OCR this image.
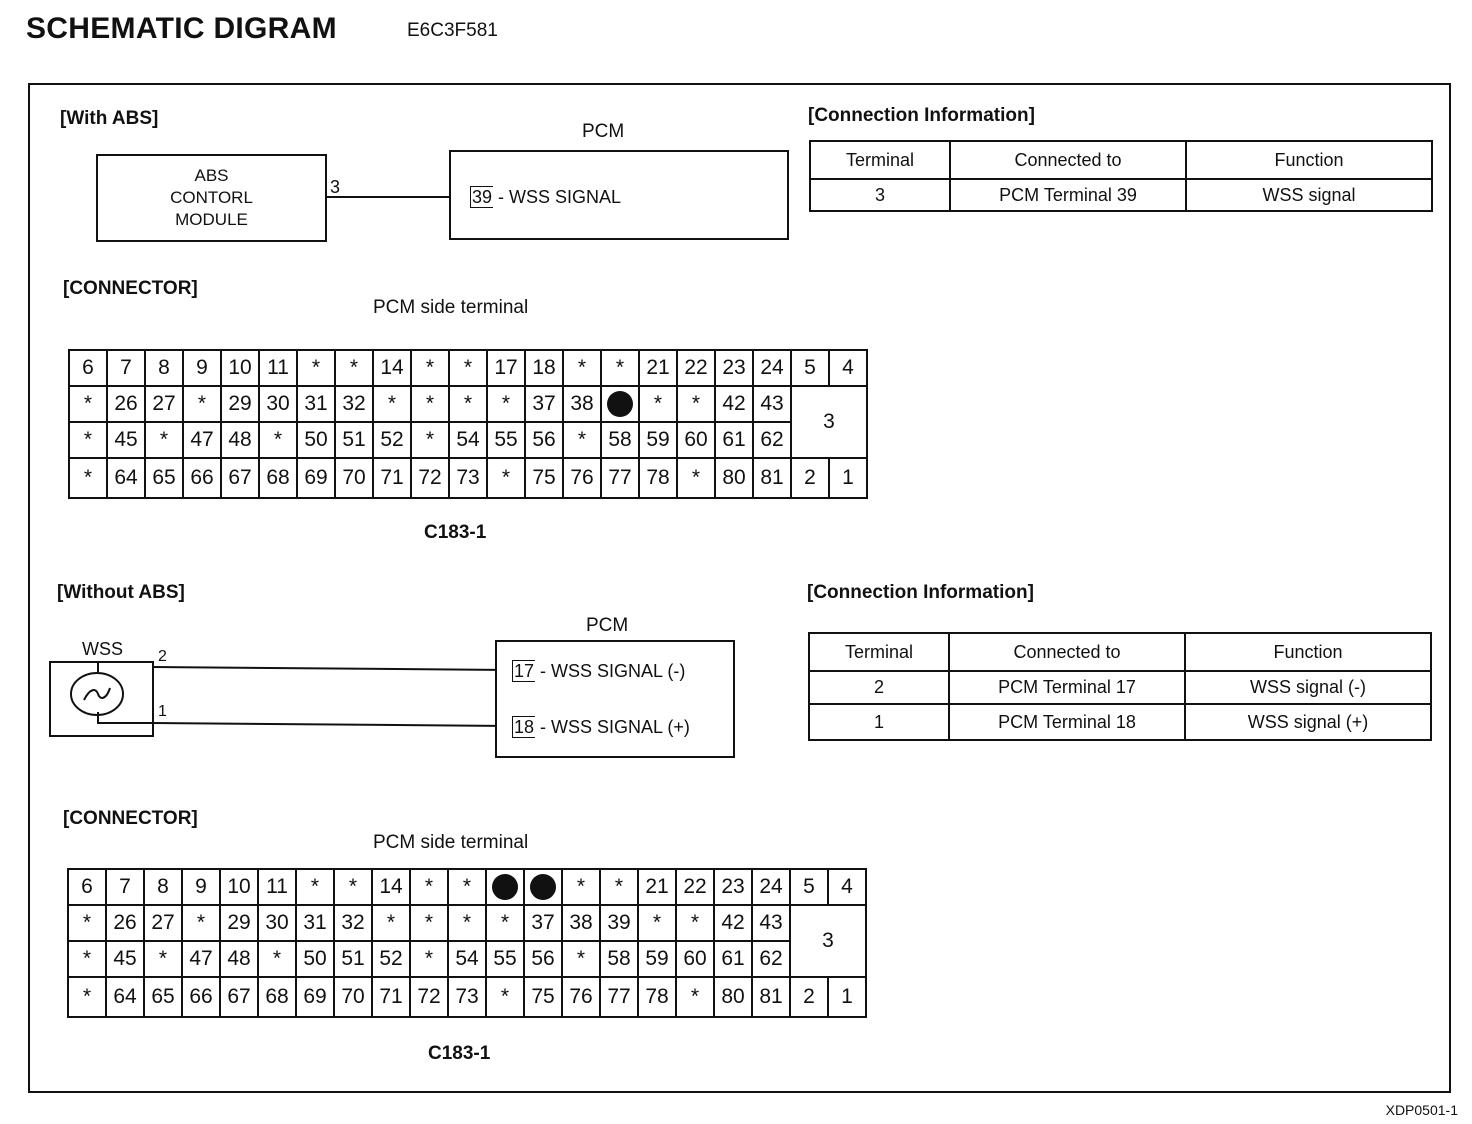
SCHEMATIC DIGRAM	E6C3F581
[With ABS]
ABS
CONTORL
MODULE
3
PCM
39 - WSS SIGNAL
[Connection Information]
Terminal	Connected to	Function
3	PCM Terminal 39	WSS signal
[CONNECTOR]
PCM side terminal
6	7	8	9	10	11	*	*	14	*	*	17	18	*	*	21	22	23	24	5	4
*	26	27	*	29	30	31	32	*	*	*	*	37	38		*	*	42	43	3	
*	45	*	47	48	*	50	51	52	*	54	55	56	*	58	59	60	61	62		
*	64	65	66	67	68	69	70	71	72	73	*	75	76	77	78	*	80	81	2	1
C183-1
[Without ABS]
WSS 2
1
PCM
17 - WSS SIGNAL (-)
18 - WSS SIGNAL (+)
[Connection Information]
Terminal	Connected to	Function
2	PCM Terminal 17	WSS signal (-)
1	PCM Terminal 18	WSS signal (+)
[CONNECTOR]
PCM side terminal
6	7	8	9	10	11	*	*	14	*	*			*	*	21	22	23	24	5	4
*	26	27	*	29	30	31	32	*	*	*	*	37	38	39	*	*	42	43	3	
*	45	*	47	48	*	50	51	52	*	54	55	56	*	58	59	60	61	62		
*	64	65	66	67	68	69	70	71	72	73	*	75	76	77	78	*	80	81	2	1
C183-1
XDP0501-1
